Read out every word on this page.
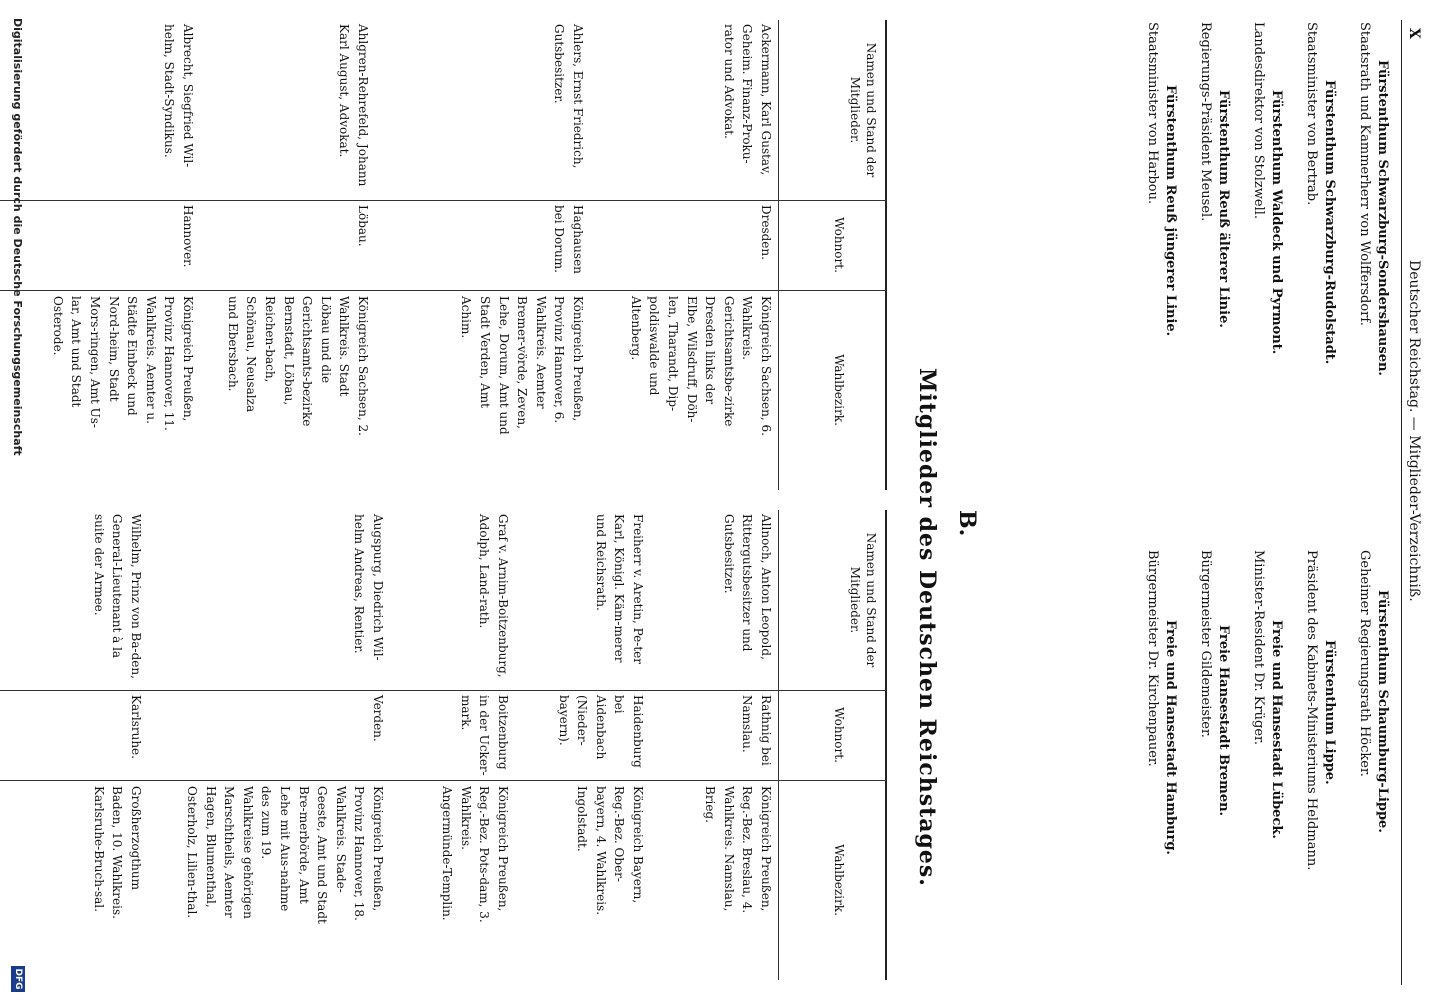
X
Deutscher Reichstag. — Mitglieder-Verzeichniß.
Fürstenthum Schwarzburg-Sondershausen.
Staatsrath und Kammerherr von Wolffersdorf.
Fürstenthum Schwarzburg-Rudolstadt.
Staatsminister von Bertrab.
Fürstenthum Waldeck und Pyrmont.
Landesdirektor von Stolzwell.
Fürstenthum Reuß älterer Linie.
Regierungs-Präsident Meusel.
Fürstenthum Reuß jüngerer Linie.
Staatsminister von Harbou.
Fürstenthum Schaumburg-Lippe.
Geheimer Regierungsrath Höcker.
Fürstenthum Lippe.
Präsident des Kabinets-Ministeriums Heldmann.
Freie und Hansestadt Lübeck.
Minister-Resident Dr. Krüger.
Freie Hansestadt Bremen.
Bürgermeister Gildemeister.
Freie und Hansestadt Hamburg.
Bürgermeister Dr. Kirchenpauer.
B.
Mitglieder des Deutschen Reichstages.
Namen und Stand der Mitglieder.
Wohnort.
Wahlbezirk.
Ackermann, Karl Gustav, Geheim. Finanz-Proku-rator und Advokat.
Dresden.
Königreich Sachsen, 6. Wahlkreis. Gerichtsamtsbe-zirke Dresden links der Elbe, Wilsdruff, Döh-len, Tharandt, Dip-poldiswalde und Altenberg.
Ahlers, Ernst Friedrich, Gutsbesitzer.
Haghausen bei Dorum.
Königreich Preußen, Provinz Hannover, 6. Wahlkreis. Aemter Bremer-vörde, Zeven, Lehe, Dorum, Amt und Stadt Verden, Amt Achim.
Ahlgren-Rehrefeld, Johann Karl August, Advokat.
Löbau.
Königreich Sachsen, 2. Wahlkreis. Stadt Löbau und die Gerichtsamts-bezirke Bernstadt, Löbau, Reichen-bach, Schönau, Neusalza und Ebersbach.
Albrecht, Siegfried Wil-helm, Stadt-Syndikus.
Hannover.
Königreich Preußen, Provinz Hannover, 11. Wahlkreis. Aemter u. Städte Einbeck und Nord-heim, Stadt Mors-ringen, Amt Us-lar, Amt und Stadt Osterode.
Namen und Stand der Mitglieder.
Wohnort.
Wahlbezirk.
Allnoch, Anton Leopold, Rittergutsbesitzer und Gutsbesitzer.
Rathnig bei Namslau.
Königreich Preußen, Reg.-Bez. Breslau, 4. Wahlkreis. Namslau, Brieg.
Freiherr v. Aretin, Pe-ter Karl, Königl. Käm-merer und Reichsrath.
Haidenburg bei Aidenbach (Nieder-bayern).
Königreich Bayern, Reg.-Bez. Ober-bayern, 4. Wahlkreis. Ingolstadt.
Graf v. Arnim-Boitzenburg, Adolph, Land-rath.
Boitzenburg in der Ucker-mark.
Königreich Preußen, Reg.-Bez. Pots-dam, 3. Wahlkreis. Angermünde-Templin.
Augspurg, Diedrich Wil-helm Andreas, Rentier.
Verden.
Königreich Preußen, Provinz Hannover, 18. Wahlkreis. Stade-Geeste, Amt und Stadt Bre-merbörde, Amt Lehe mit Aus-nahme des zum 19. Wahlkreise gehörigen Marschtheils, Aemter Hagen, Blumenthal, Osterholz, Lilien-thal.
Wilhelm, Prinz von Ba-den, General-Lieutenant à la suite der Armee.
Karlsruhe.
Großherzogthum Baden, 10. Wahlkreis. Karlsruhe-Bruch-sal.
Digitalisierung gefördert durch die Deutsche Forschungsgemeinschaft
DFG
